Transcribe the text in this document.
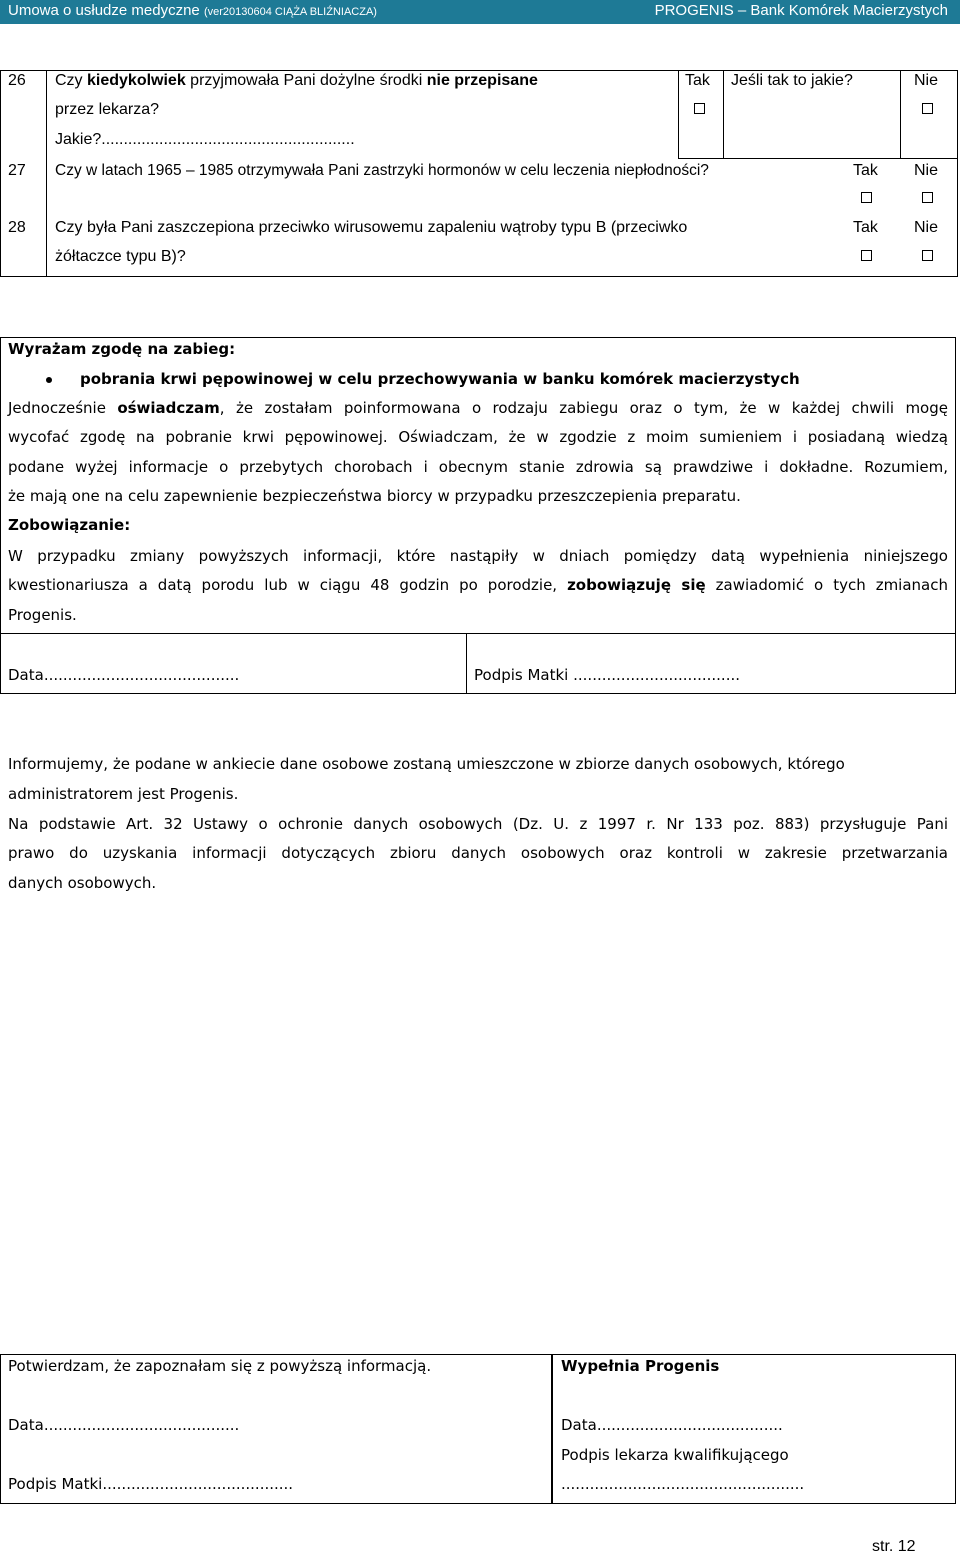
Umowa o usłudze medyczne (ver20130604 CIĄŻA BLIŹNIACZA)	PROGENIS – Bank Komórek Macierzystych
26 Czy kiedykolwiek przyjmowała Pani dożylne środki nie przepisane
przez lekarza?
Jakie?.........................................................
Tak Jeśli tak to jakie?	Nie
27 Czy w latach 1965 – 1985 otrzymywała Pani zastrzyki hormonów w celu leczenia niepłodności?	Tak Nie
28 Czy była Pani zaszczepiona przeciwko wirusowemu zapaleniu wątroby typu B (przeciwko
żółtaczce typu B)?
Tak Nie
Wyrażam zgodę na zabieg:
pobrania krwi pępowinowej w celu przechowywania w banku komórek macierzystych
Jednocześnie oświadczam, że zostałam poinformowana o rodzaju zabiegu oraz o tym, że w każdej chwili mogę
wycofać zgodę na pobranie krwi pępowinowej. Oświadczam, że w zgodzie z moim sumieniem i posiadaną wiedzą
podane wyżej informacje o przebytych chorobach i obecnym stanie zdrowia są prawdziwe i dokładne. Rozumiem,
że mają one na celu zapewnienie bezpieczeństwa biorcy w przypadku przeszczepienia preparatu.
Zobowiązanie:
W przypadku zmiany powyższych informacji, które nastąpiły w dniach pomiędzy datą wypełnienia niniejszego
kwestionariusza a datą porodu lub w ciągu 48 godzin po porodzie, zobowiązuję się zawiadomić o tych zmianach
Progenis.
Data.........................................	Podpis Matki ...................................
Informujemy, że podane w ankiecie dane osobowe zostaną umieszczone w zbiorze danych osobowych, którego
administratorem jest Progenis.
Na podstawie Art. 32 Ustawy o ochronie danych osobowych (Dz. U. z 1997 r. Nr 133 poz. 883) przysługuje Pani
prawo do uzyskania informacji dotyczących zbioru danych osobowych oraz kontroli w zakresie przetwarzania
danych osobowych.
Potwierdzam, że zapoznałam się z powyższą informacją.
Data.........................................
Podpis Matki........................................
Wypełnia Progenis
Data.......................................
Podpis lekarza kwalifikującego
...................................................
str. 12
